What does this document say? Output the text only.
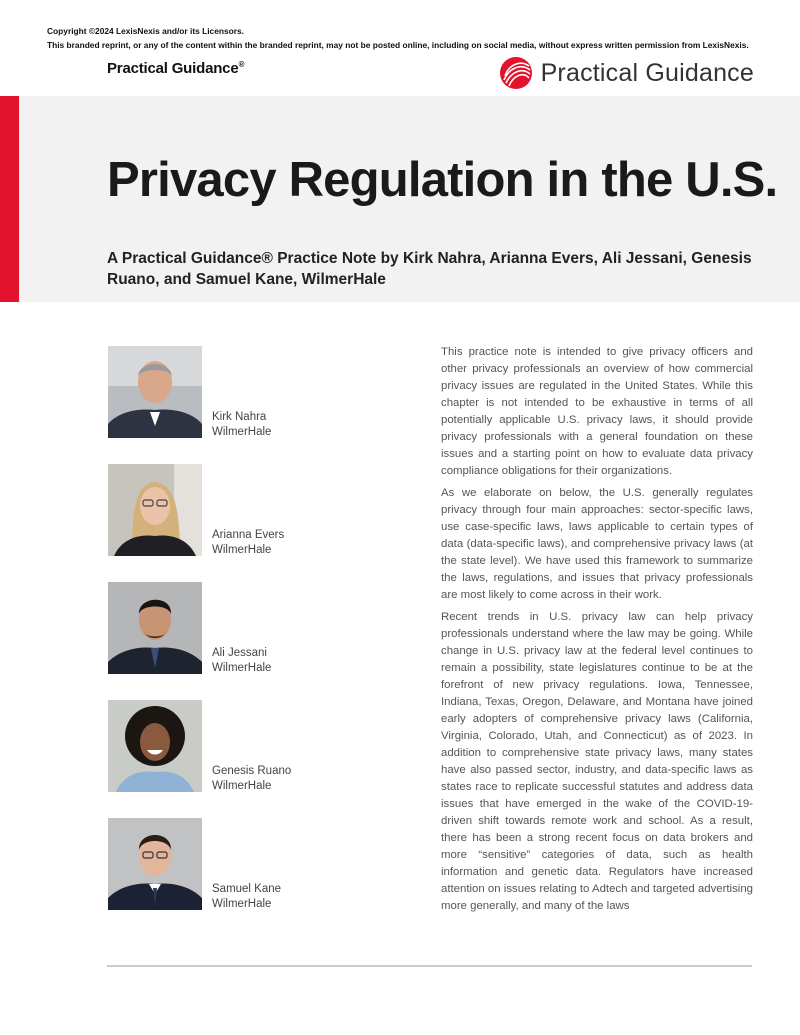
Copyright ©2024 LexisNexis and/or its Licensors.
This branded reprint, or any of the content within the branded reprint, may not be posted online, including on social media, without express written permission from LexisNexis.
Practical Guidance®	Practical Guidance
Privacy Regulation in the U.S.
A Practical Guidance® Practice Note by Kirk Nahra, Arianna Evers, Ali Jessani, Genesis Ruano, and Samuel Kane, WilmerHale
Kirk Nahra
WilmerHale
Arianna Evers
WilmerHale
Ali Jessani
WilmerHale
Genesis Ruano
WilmerHale
Samuel Kane
WilmerHale

This practice note is intended to give privacy officers and other privacy professionals an overview of how commercial privacy issues are regulated in the United States. While this chapter is not intended to be exhaustive in terms of all potentially applicable U.S. privacy laws, it should provide privacy professionals with a general foundation on these issues and a starting point on how to evaluate data privacy compliance obligations for their organizations.

As we elaborate on below, the U.S. generally regulates privacy through four main approaches: sector-specific laws, use case-specific laws, laws applicable to certain types of data (data-specific laws), and comprehensive privacy laws (at the state level). We have used this framework to summarize the laws, regulations, and issues that privacy professionals are most likely to come across in their work.

Recent trends in U.S. privacy law can help privacy professionals understand where the law may be going. While change in U.S. privacy law at the federal level continues to remain a possibility, state legislatures continue to be at the forefront of new privacy regulations. Iowa, Tennessee, Indiana, Texas, Oregon, Delaware, and Montana have joined early adopters of comprehensive privacy laws (California, Virginia, Colorado, Utah, and Connecticut) as of 2023. In addition to comprehensive state privacy laws, many states have also passed sector, industry, and data-specific laws as states race to replicate successful statutes and address data issues that have emerged in the wake of the COVID-19-driven shift towards remote work and school. As a result, there has been a strong recent focus on data brokers and more “sensitive” categories of data, such as health information and genetic data. Regulators have increased attention on issues relating to Adtech and targeted advertising more generally, and many of the laws
